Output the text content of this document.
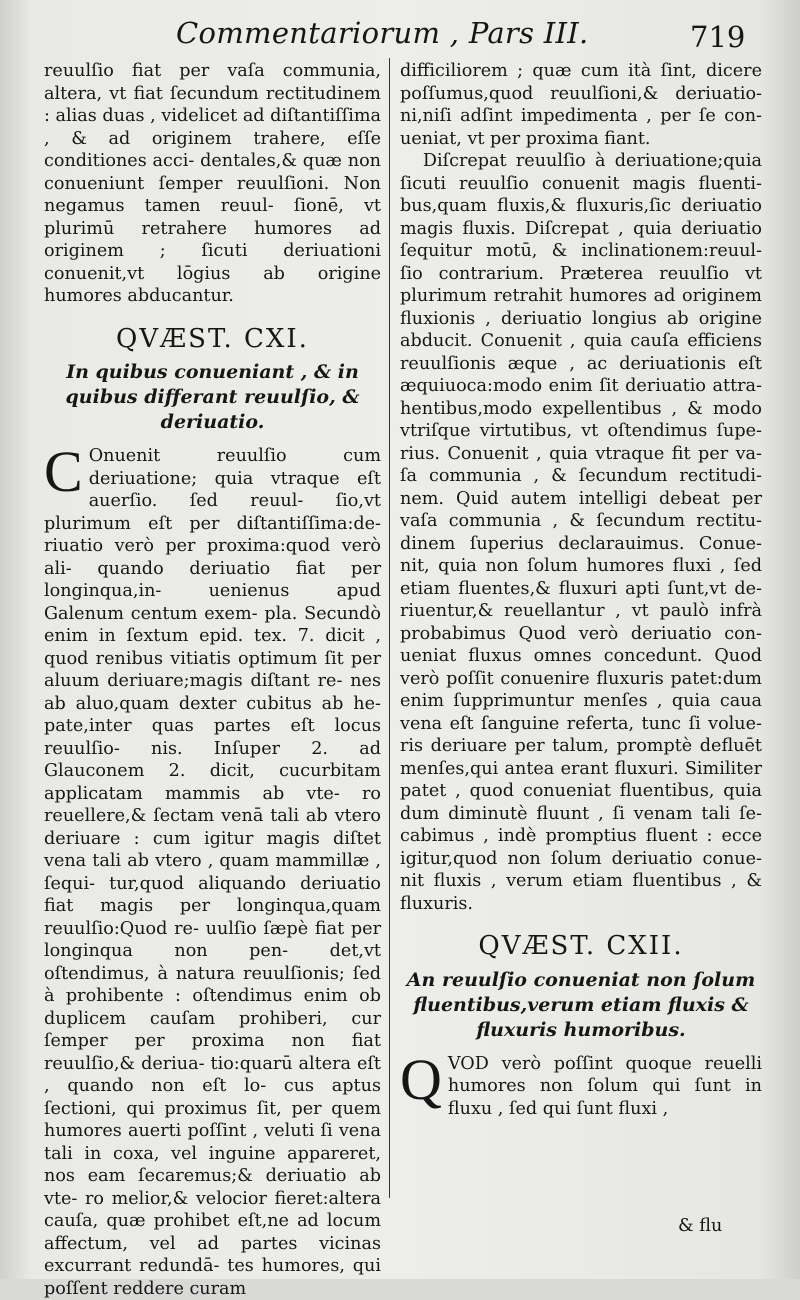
Commentariorum , Pars III.	719

reuulſio fiat per vaſa communia, altera, vt fiat ſecundum rectitudinem : alias duas , videlicet ad diſtantiſſima , & ad originem trahere, eſſe conditiones acci- dentales,& quæ non conueniunt ſemper reuulſioni. Non negamus tamen reuul- ſionē, vt plurimū retrahere humores ad originem ; ſicuti deriuationi conuenit,vt lōgius ab origine humores abducantur.

QVÆST. CXI.

In quibus conueniant , & in quibus differant reuulſio, & deriuatio.

C Onuenit reuulſio cum deriuatione; quia vtraque eſt auerſio. ſed reuul- ſio,vt plurimum eſt per diſtantiſſima:de- riuatio verò per proxima:quod verò ali- quando deriuatio fiat per longinqua,in- uenienus apud Galenum centum exem- pla. Secundò enim in ſextum epid. tex. 7. dicit , quod renibus vitiatis optimum ſit per aluum deriuare;magis diſtant re- nes ab aluo,quam dexter cubitus ab he- pate,inter quas partes eſt locus reuulſio- nis. Inſuper 2. ad Glauconem 2. dicit, cucurbitam applicatam mammis ab vte- ro reuellere,& ſectam venā tali ab vtero deriuare : cum igitur magis diſtet vena tali ab vtero , quam mammillæ , ſequi- tur,quod aliquando deriuatio fiat magis per longinqua,quam reuulſio:Quod re- uulſio ſæpè fiat per longinqua non pen- det,vt oſtendimus, à natura reuulſionis; ſed à prohibente : oſtendimus enim ob duplicem cauſam prohiberi, cur ſemper per proxima non fiat reuulſio,& deriua- tio:quarū altera eſt , quando non eſt lo- cus aptus ſectioni, qui proximus ſit, per quem humores auerti poſſint , veluti ſi vena tali in coxa, vel inguine appareret, nos eam ſecaremus;& deriuatio ab vte- ro melior,& velocior fieret:altera cauſa, quæ prohibet eſt,ne ad locum affectum, vel ad partes vicinas excurrant redundā- tes humores, qui poſſent reddere curam

difficiliorem ; quæ cum ità ſint, dicere poſſumus,quod reuulſioni,& deriuatio- ni,niſi adſint impedimenta , per ſe con- ueniat, vt per proxima fiant.

Diſcrepat reuulſio à deriuatione;quia ſicuti reuulſio conuenit magis fluenti- bus,quam fluxis,& fluxuris,ſic deriuatio magis fluxis. Diſcrepat , quia deriuatio ſequitur motū, & inclinationem:reuul- ſio contrarium. Præterea reuulſio vt plurimum retrahit humores ad originem fluxionis , deriuatio longius ab origine abducit. Conuenit , quia cauſa efficiens reuulſionis æque , ac deriuationis eſt æquiuoca:modo enim ſit deriuatio attra- hentibus,modo expellentibus , & modo vtriſque virtutibus, vt oſtendimus ſupe- rius. Conuenit , quia vtraque fit per va- ſa communia , & ſecundum rectitudi- nem. Quid autem intelligi debeat per vaſa communia , & ſecundum rectitu- dinem ſuperius declarauimus. Conue- nit, quia non ſolum humores fluxi , ſed etiam fluentes,& fluxuri apti ſunt,vt de- riuentur,& reuellantur , vt paulò infrà probabimus Quod verò deriuatio con- ueniat fluxus omnes concedunt. Quod verò poſſit conuenire fluxuris patet:dum enim ſupprimuntur menſes , quia caua vena eſt ſanguine referta, tunc ſi volue- ris deriuare per talum, promptè defluēt menſes,qui antea erant fluxuri. Similiter patet , quod conueniat fluentibus, quia dum diminutè fluunt , ſi venam tali ſe- cabimus , indè promptius fluent : ecce igitur,quod non ſolum deriuatio conue- nit fluxis , verum etiam fluentibus , & fluxuris.

QVÆST. CXII.

An reuulſio conueniat non ſolum fluentibus,verum etiam fluxis & fluxuris humoribus.

QVOD verò poſſint quoque reuelli humores non ſolum qui ſunt in fluxu , ſed qui ſunt fluxi ,

& flu
